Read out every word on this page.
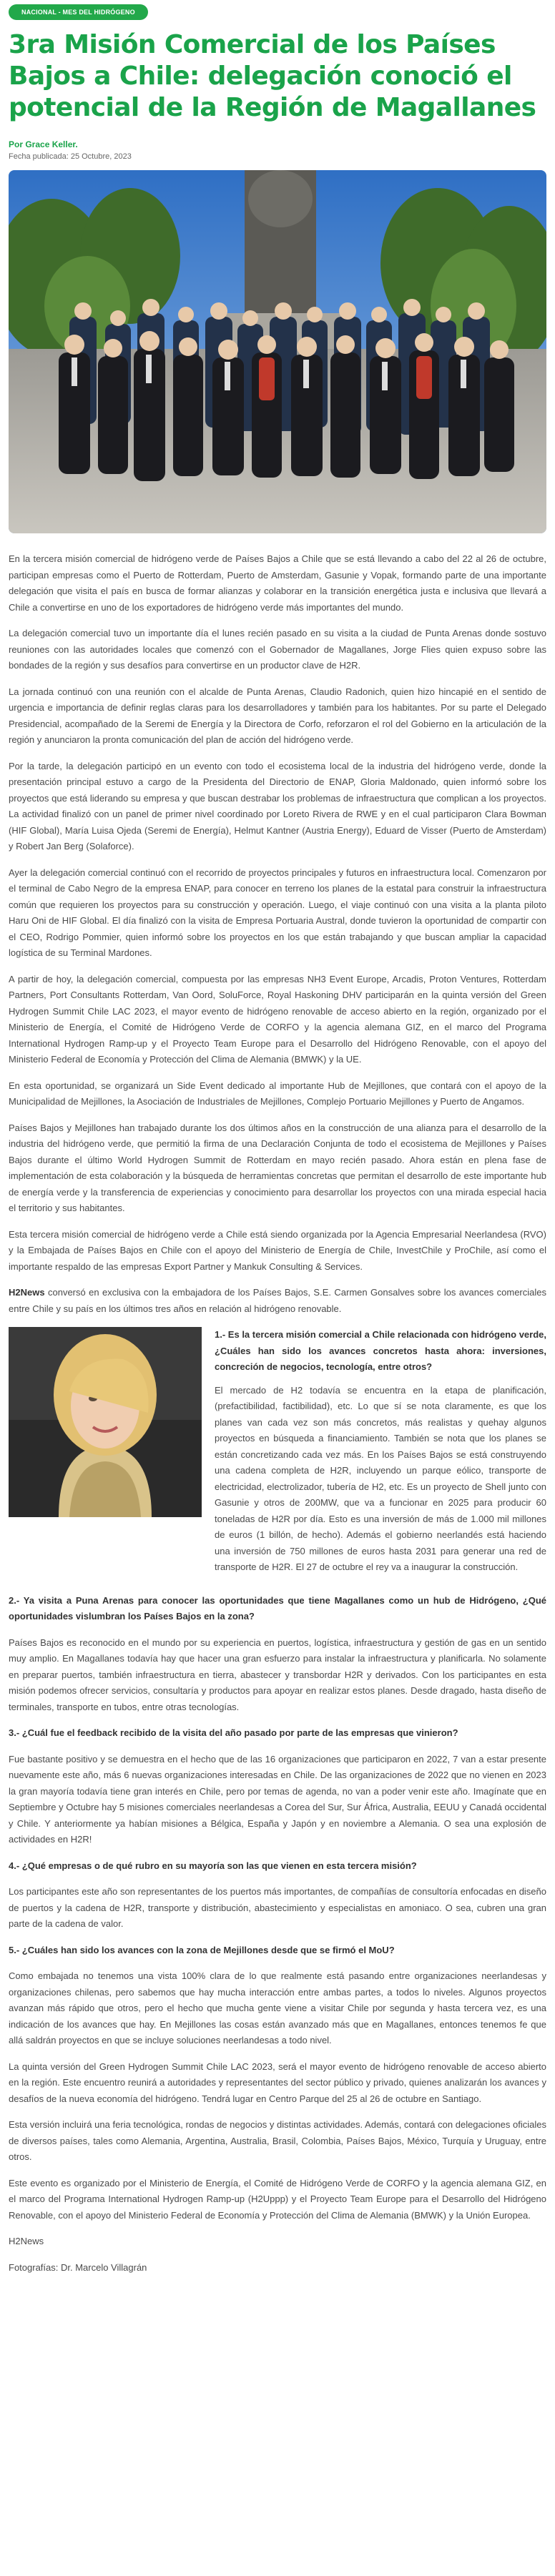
NACIONAL - MES DEL HIDRÓGENO
3ra Misión Comercial de los Países Bajos a Chile: delegación conoció el potencial de la Región de Magallanes
Por Grace Keller.
Fecha publicada: 25 Octubre, 2023

En la tercera misión comercial de hidrógeno verde de Países Bajos a Chile que se está llevando a cabo del 22 al 26 de octubre, participan empresas como el Puerto de Rotterdam, Puerto de Amsterdam, Gasunie y Vopak, formando parte de una importante delegación que visita el país en busca de formar alianzas y colaborar en la transición energética justa e inclusiva que llevará a Chile a convertirse en uno de los exportadores de hidrógeno verde más importantes del mundo.

La delegación comercial tuvo un importante día el lunes recién pasado en su visita a la ciudad de Punta Arenas donde sostuvo reuniones con las autoridades locales que comenzó con el Gobernador de Magallanes, Jorge Flies quien expuso sobre las bondades de la región y sus desafíos para convertirse en un productor clave de H2R.

La jornada continuó con una reunión con el alcalde de Punta Arenas, Claudio Radonich, quien hizo hincapié en el sentido de urgencia e importancia de definir reglas claras para los desarrolladores y también para los habitantes. Por su parte el Delegado Presidencial, acompañado de la Seremi de Energía y la Directora de Corfo, reforzaron el rol del Gobierno en la articulación de la región y anunciaron la pronta comunicación del plan de acción del hidrógeno verde.

Por la tarde, la delegación participó en un evento con todo el ecosistema local de la industria del hidrógeno verde, donde la presentación principal estuvo a cargo de la Presidenta del Directorio de ENAP, Gloria Maldonado, quien informó sobre los proyectos que está liderando su empresa y que buscan destrabar los problemas de infraestructura que complican a los proyectos. La actividad finalizó con un panel de primer nivel coordinado por Loreto Rivera de RWE y en el cual participaron Clara Bowman (HIF Global), María Luisa Ojeda (Seremi de Energía), Helmut Kantner (Austria Energy), Eduard de Visser (Puerto de Amsterdam) y Robert Jan Berg (Solaforce).

Ayer la delegación comercial continuó con el recorrido de proyectos principales y futuros en infraestructura local. Comenzaron por el terminal de Cabo Negro de la empresa ENAP, para conocer en terreno los planes de la estatal para construir la infraestructura común que requieren los proyectos para su construcción y operación. Luego, el viaje continuó con una visita a la planta piloto Haru Oni de HIF Global. El día finalizó con la visita de Empresa Portuaria Austral, donde tuvieron la oportunidad de compartir con el CEO, Rodrigo Pommier, quien informó sobre los proyectos en los que están trabajando y que buscan ampliar la capacidad logística de su Terminal Mardones.

A partir de hoy, la delegación comercial, compuesta por las empresas NH3 Event Europe, Arcadis, Proton Ventures, Rotterdam Partners, Port Consultants Rotterdam, Van Oord, SoluForce, Royal Haskoning DHV participarán en la quinta versión del Green Hydrogen Summit Chile LAC 2023, el mayor evento de hidrógeno renovable de acceso abierto en la región, organizado por el Ministerio de Energía, el Comité de Hidrógeno Verde de CORFO y la agencia alemana GIZ, en el marco del Programa International Hydrogen Ramp-up y el Proyecto Team Europe para el Desarrollo del Hidrógeno Renovable, con el apoyo del Ministerio Federal de Economía y Protección del Clima de Alemania (BMWK) y la UE.

En esta oportunidad, se organizará un Side Event dedicado al importante Hub de Mejillones, que contará con el apoyo de la Municipalidad de Mejillones, la Asociación de Industriales de Mejillones, Complejo Portuario Mejillones y Puerto de Angamos.

Países Bajos y Mejillones han trabajado durante los dos últimos años en la construcción de una alianza para el desarrollo de la industria del hidrógeno verde, que permitió la firma de una Declaración Conjunta de todo el ecosistema de Mejillones y Países Bajos durante el último World Hydrogen Summit de Rotterdam en mayo recién pasado. Ahora están en plena fase de implementación de esta colaboración y la búsqueda de herramientas concretas que permitan el desarrollo de este importante hub de energía verde y la transferencia de experiencias y conocimiento para desarrollar los proyectos con una mirada especial hacia el territorio y sus habitantes.

Esta tercera misión comercial de hidrógeno verde a Chile está siendo organizada por la Agencia Empresarial Neerlandesa (RVO) y la Embajada de Países Bajos en Chile con el apoyo del Ministerio de Energía de Chile, InvestChile y ProChile, así como el importante respaldo de las empresas Export Partner y Mankuk Consulting & Services.

H2News conversó en exclusiva con la embajadora de los Países Bajos, S.E. Carmen Gonsalves sobre los avances comerciales entre Chile y su país en los últimos tres años en relación al hidrógeno renovable.

1.- Es la tercera misión comercial a Chile relacionada con hidrógeno verde, ¿Cuáles han sido los avances concretos hasta ahora: inversiones, concreción de negocios, tecnología, entre otros?

El mercado de H2 todavía se encuentra en la etapa de planificación, (prefactibilidad, factibilidad), etc. Lo que sí se nota claramente, es que los planes van cada vez son más concretos, más realistas y quehay algunos proyectos en búsqueda a financiamiento. También se nota que los planes se están concretizando cada vez más. En los Países Bajos se está construyendo una cadena completa de H2R, incluyendo un parque eólico, transporte de electricidad, electrolizador, tubería de H2, etc. Es un proyecto de Shell junto con Gasunie y otros de 200MW, que va a funcionar en 2025 para producir 60 toneladas de H2R por día. Esto es una inversión de más de 1.000 mil millones de euros (1 billón, de hecho). Además el gobierno neerlandés está haciendo una inversión de 750 millones de euros hasta 2031 para generar una red de transporte de H2R. El 27 de octubre el rey va a inaugurar la construcción.

2.- Ya visita a Puna Arenas para conocer las oportunidades que tiene Magallanes como un hub de Hidrógeno, ¿Qué oportunidades vislumbran los Países Bajos en la zona?

Países Bajos es reconocido en el mundo por su experiencia en puertos, logística, infraestructura y gestión de gas en un sentido muy amplio. En Magallanes todavía hay que hacer una gran esfuerzo para instalar la infraestructura y planificarla. No solamente en preparar puertos, también infraestructura en tierra, abastecer y transbordar H2R y derivados. Con los participantes en esta misión podemos ofrecer servicios, consultaría y productos para apoyar en realizar estos planes. Desde dragado, hasta diseño de terminales, transporte en tubos, entre otras tecnologías.

3.- ¿Cuál fue el feedback recibido de la visita del año pasado por parte de las empresas que vinieron?

Fue bastante positivo y se demuestra en el hecho que de las 16 organizaciones que participaron en 2022, 7 van a estar presente nuevamente este año, más 6 nuevas organizaciones interesadas en Chile. De las organizaciones de 2022 que no vienen en 2023 la gran mayoría todavía tiene gran interés en Chile, pero por temas de agenda, no van a poder venir este año. Imagínate que en Septiembre y Octubre hay 5 misiones comerciales neerlandesas a Corea del Sur, Sur África, Australia, EEUU y Canadá occidental y Chile. Y anteriormente ya habían misiones a Bélgica, España y Japón y en noviembre a Alemania. O sea una explosión de actividades en H2R!

4.- ¿Qué empresas o de qué rubro en su mayoría son las que vienen en esta tercera misión?

Los participantes este año son representantes de los puertos más importantes, de compañías de consultoría enfocadas en diseño de puertos y la cadena de H2R, transporte y distribución, abastecimiento y especialistas en amoniaco. O sea, cubren una gran parte de la cadena de valor.

5.- ¿Cuáles han sido los avances con la zona de Mejillones desde que se firmó el MoU?

Como embajada no tenemos una vista 100% clara de lo que realmente está pasando entre organizaciones neerlandesas y organizaciones chilenas, pero sabemos que hay mucha interacción entre ambas partes, a todos lo niveles. Algunos proyectos avanzan más rápido que otros, pero el hecho que mucha gente viene a visitar Chile por segunda y hasta tercera vez, es una indicación de los avances que hay. En Mejillones las cosas están avanzado más que en Magallanes, entonces tenemos fe que allá saldrán proyectos en que se incluye soluciones neerlandesas a todo nivel.

La quinta versión del Green Hydrogen Summit Chile LAC 2023, será el mayor evento de hidrógeno renovable de acceso abierto en la región. Este encuentro reunirá a autoridades y representantes del sector público y privado, quienes analizarán los avances y desafíos de la nueva economía del hidrógeno. Tendrá lugar en Centro Parque del 25 al 26 de octubre en Santiago.

Esta versión incluirá una feria tecnológica, rondas de negocios y distintas actividades. Además, contará con delegaciones oficiales de diversos países, tales como Alemania, Argentina, Australia, Brasil, Colombia, Países Bajos, México, Turquía y Uruguay, entre otros.

Este evento es organizado por el Ministerio de Energía, el Comité de Hidrógeno Verde de CORFO y la agencia alemana GIZ, en el marco del Programa International Hydrogen Ramp-up (H2Uppp) y el Proyecto Team Europe para el Desarrollo del Hidrógeno Renovable, con el apoyo del Ministerio Federal de Economía y Protección del Clima de Alemania (BMWK) y la Unión Europea.

H2News

Fotografías: Dr. Marcelo Villagrán
